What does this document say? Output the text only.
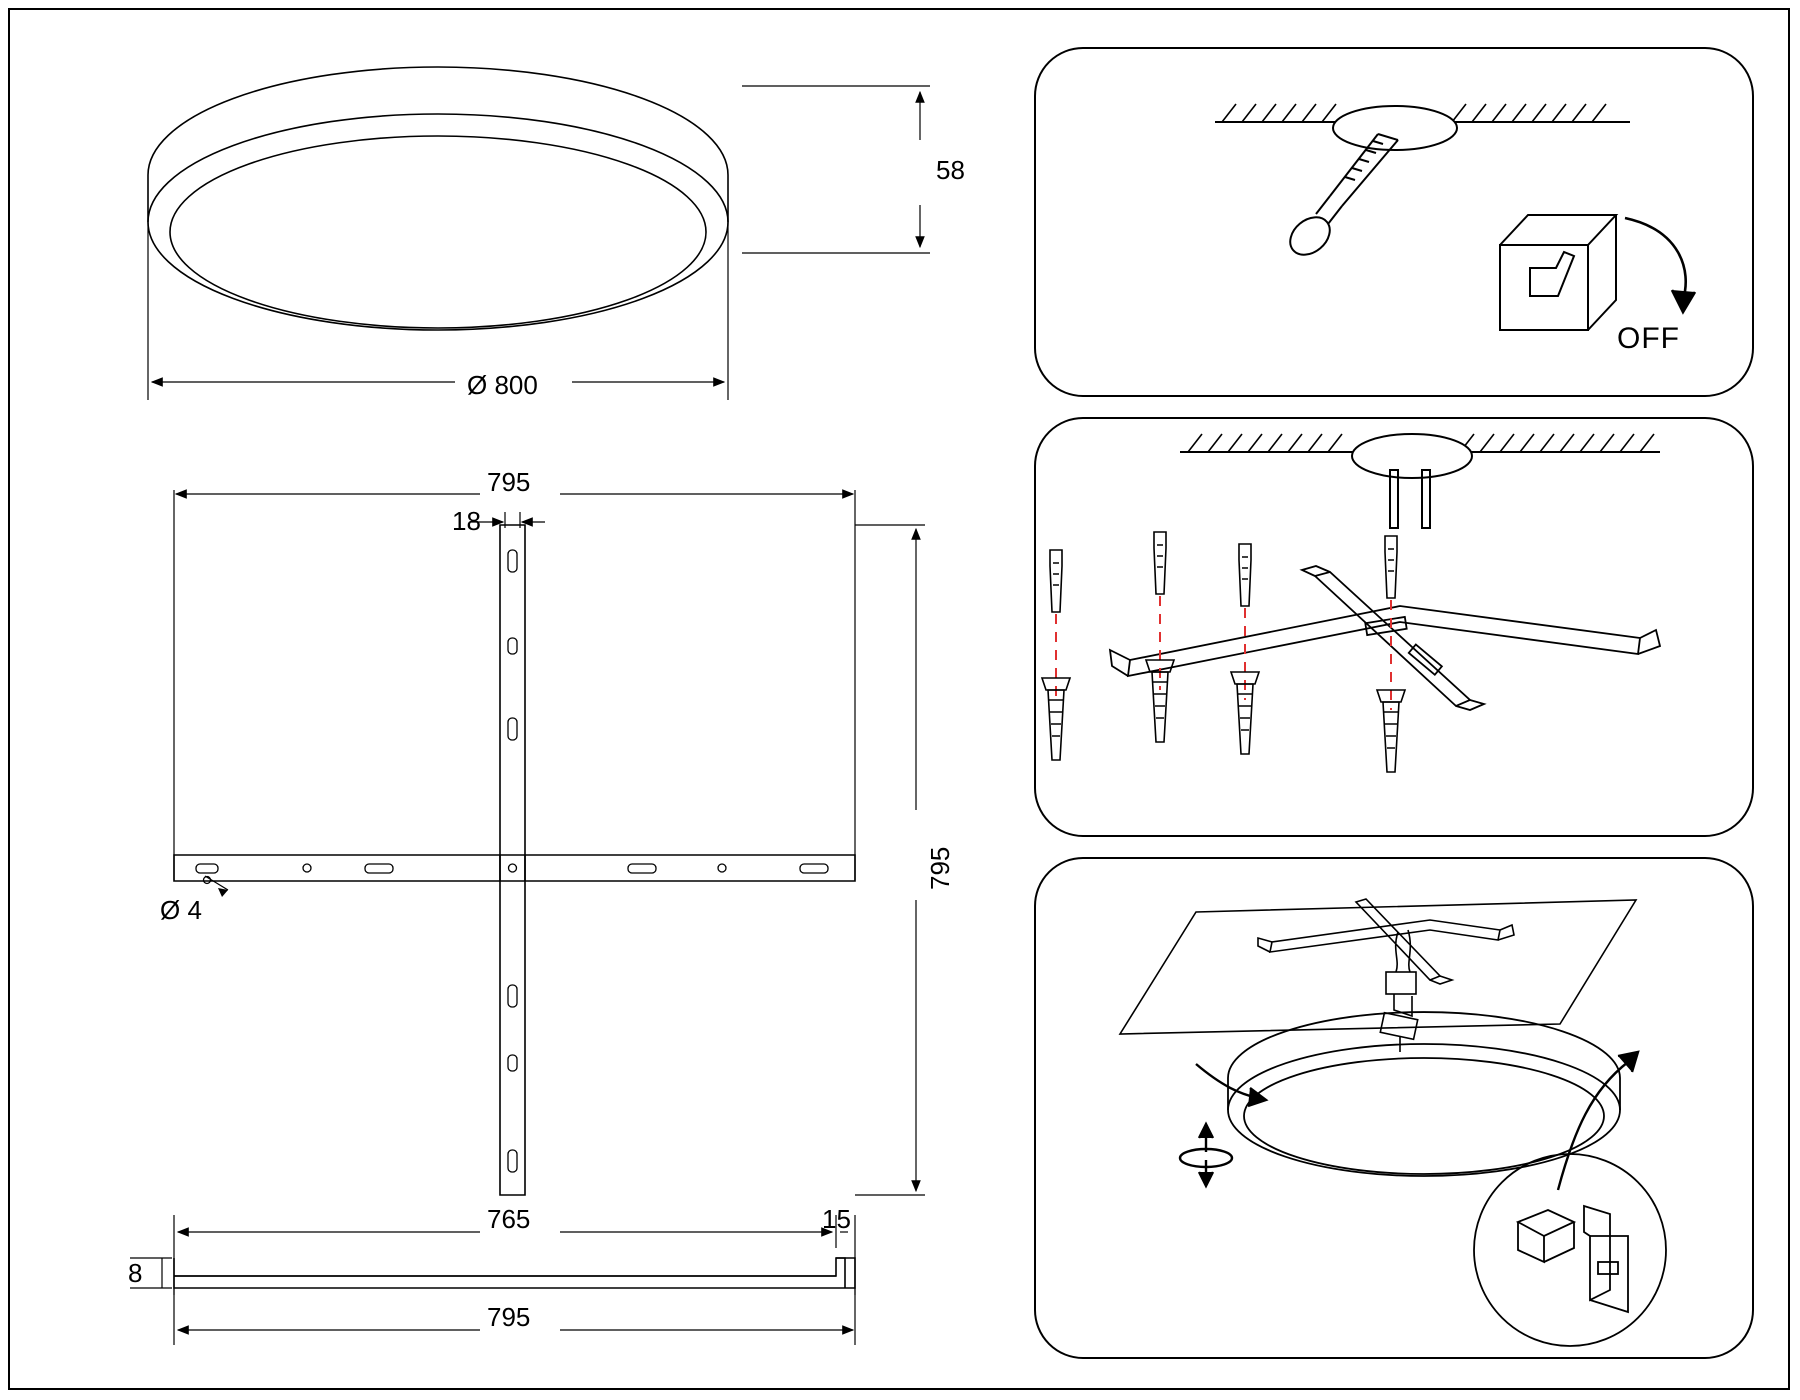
58
Ø 800
795
18
795
Ø 4
765	15
8
795
OFF
